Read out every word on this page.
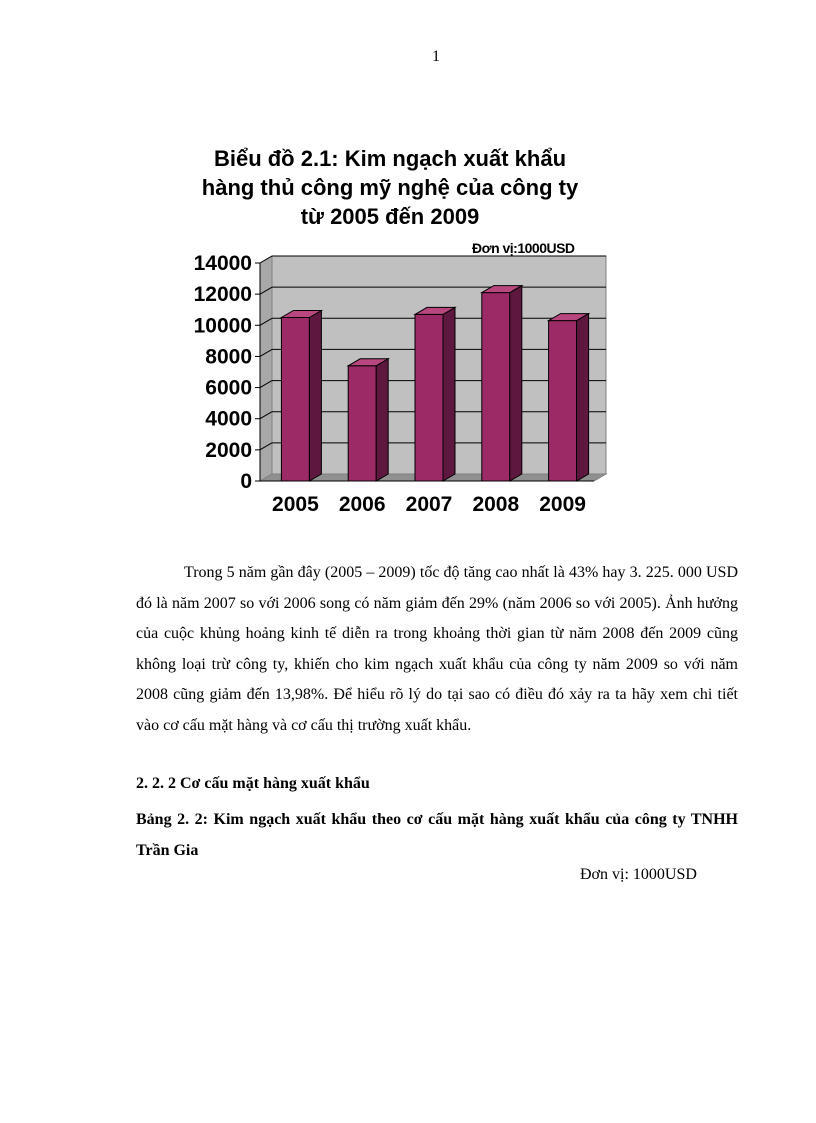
1
Biểu đồ 2.1: Kim ngạch xuất khẩu
hàng thủ công mỹ nghệ của công ty
từ 2005 đến 2009
Đơn vị:1000USD
0
2000
4000
6000
8000
10000
12000
14000
2005 2006 2007 2008 2009
Trong 5 năm gần đây (2005 – 2009) tốc độ tăng cao nhất là 43% hay 3. 225. 000 USD đó là năm 2007 so với 2006 song có năm giảm đến 29% (năm 2006 so với 2005). Ảnh hưởng của cuộc khủng hoảng kinh tế diễn ra trong khoảng thời gian từ năm 2008 đến 2009 cũng không loại trừ công ty, khiến cho kim ngạch xuất khẩu của công ty năm 2009 so với năm 2008 cũng giảm đến 13,98%. Để hiểu rõ lý do tại sao có điều đó xảy ra ta hãy xem chi tiết vào cơ cấu mặt hàng và cơ cấu thị trường xuất khẩu.
2. 2. 2 Cơ cấu mặt hàng xuất khẩu
Bảng 2. 2: Kim ngạch xuất khẩu theo cơ cấu mặt hàng xuất khẩu của công ty TNHH Trần Gia
Đơn vị: 1000USD
